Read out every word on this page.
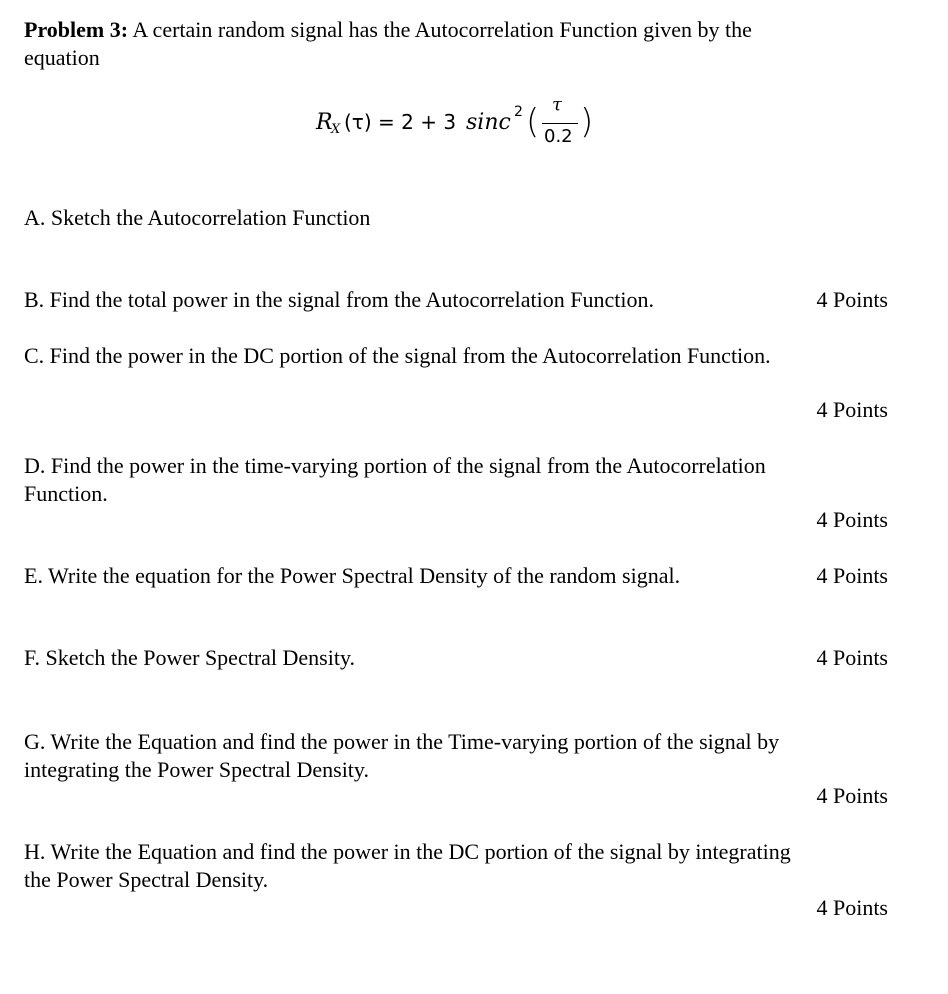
Problem 3: A certain random signal has the Autocorrelation Function given by the
equation
R
X (τ) = 2 + 3 sinc 2 ( τ
0.2 )
A. Sketch the Autocorrelation Function
B. Find the total power in the signal from the Autocorrelation Function.	4 Points
C. Find the power in the DC portion of the signal from the Autocorrelation Function.
4 Points
D. Find the power in the time-varying portion of the signal from the Autocorrelation
Function.
4 Points
E. Write the equation for the Power Spectral Density of the random signal.	4 Points
F. Sketch the Power Spectral Density.	4 Points
G. Write the Equation and find the power in the Time-varying portion of the signal by
integrating the Power Spectral Density.
4 Points
H. Write the Equation and find the power in the DC portion of the signal by integrating
the Power Spectral Density.
4 Points
